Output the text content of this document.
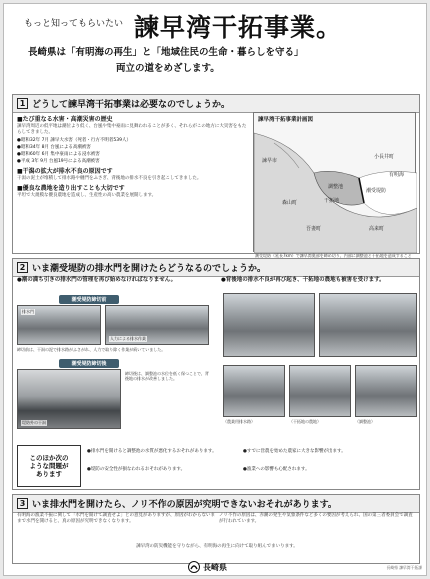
もっと知ってもらいたい 諫早湾干拓事業。
長崎県は「有明海の再生」と「地域住民の生命・暮らしを守る」
両立の道をめざします。
1 どうして諫早湾干拓事業は必要なのでしょうか。
■たび重なる水害・高潮災害の歴史
諫早湾周辺の低平地は潮位より低く、台風や集中豪雨に見舞われることが多く、それらがこの地方に大災害をもたらしてきました。
●昭和32年 7月 諫早大水害（死者・行方不明者539人）
●昭和34年 8月 台風による高潮被害
●昭和60年 6月 集中豪雨による浸水被害
●平成 3年 9月 台風19号による高潮被害
■干潟の拡大が排水不良の原因です
干潟の泥土が堆積して排水路や樋門をふさぎ、背後地の排水不良を引き起こしてきました。
■優良な農地を造り出すことも大切です
平坦で大規模な優良農地を造成し、生産性の高い農業を展開します。
諫早湾干拓事業計画図
諫早市
調整池
潮受堤防
有明海
干拓地
森山町
吾妻町
小長井町
高来町
潮受堤防（延長7km）で諫早湾奥部を締め切り、内部に調整池と干拓地を造成すること
2 いま潮受堤防の排水門を開けたらどうなるのでしょうか。
●潮の満ち引きの排水門の管理を再び始めなければなりません。	●背後地の排水不良が再び起き、干拓地の農地も被害を受けます。
潮受堤防締切前
排水門
人力による排水作業
締切前は、干潟の泥で排水路がふさがれ、人力で取り除く作業が続いていました。
潮受堤防締切後
堤防外の干潟
締切後は、調整池の水位を低く保つことで、背後地の排水が改善しました。
（農業用排水路）	（干拓地の農地）	（調整池）
このほか次の
ような問題が
あります
●排水門を開けると調整池の水質が悪化するおそれがあります。
●堤防の安全性が損なわれるおそれがあります。
●すでに営農を始めた農家に大きな影響が出ます。
●漁業への影響も心配されます。
3 いま排水門を開けたら、ノリ不作の原因が究明できないおそれがあります。
有明海の漁業不振に関して「水門を開けて調査せよ」との意見がありますが、原因がわからないままで水門を開けると、真の原因が究明できなくなります。
ノリ不作の原因は、赤潮の発生や気象条件など多くの要因が考えられ、国の第三者委員会で調査が行われています。
諫早湾の防災機能を守りながら、有明海の再生に向けて取り組んでまいります。
長崎県	長崎県 諫早湾干拓課
